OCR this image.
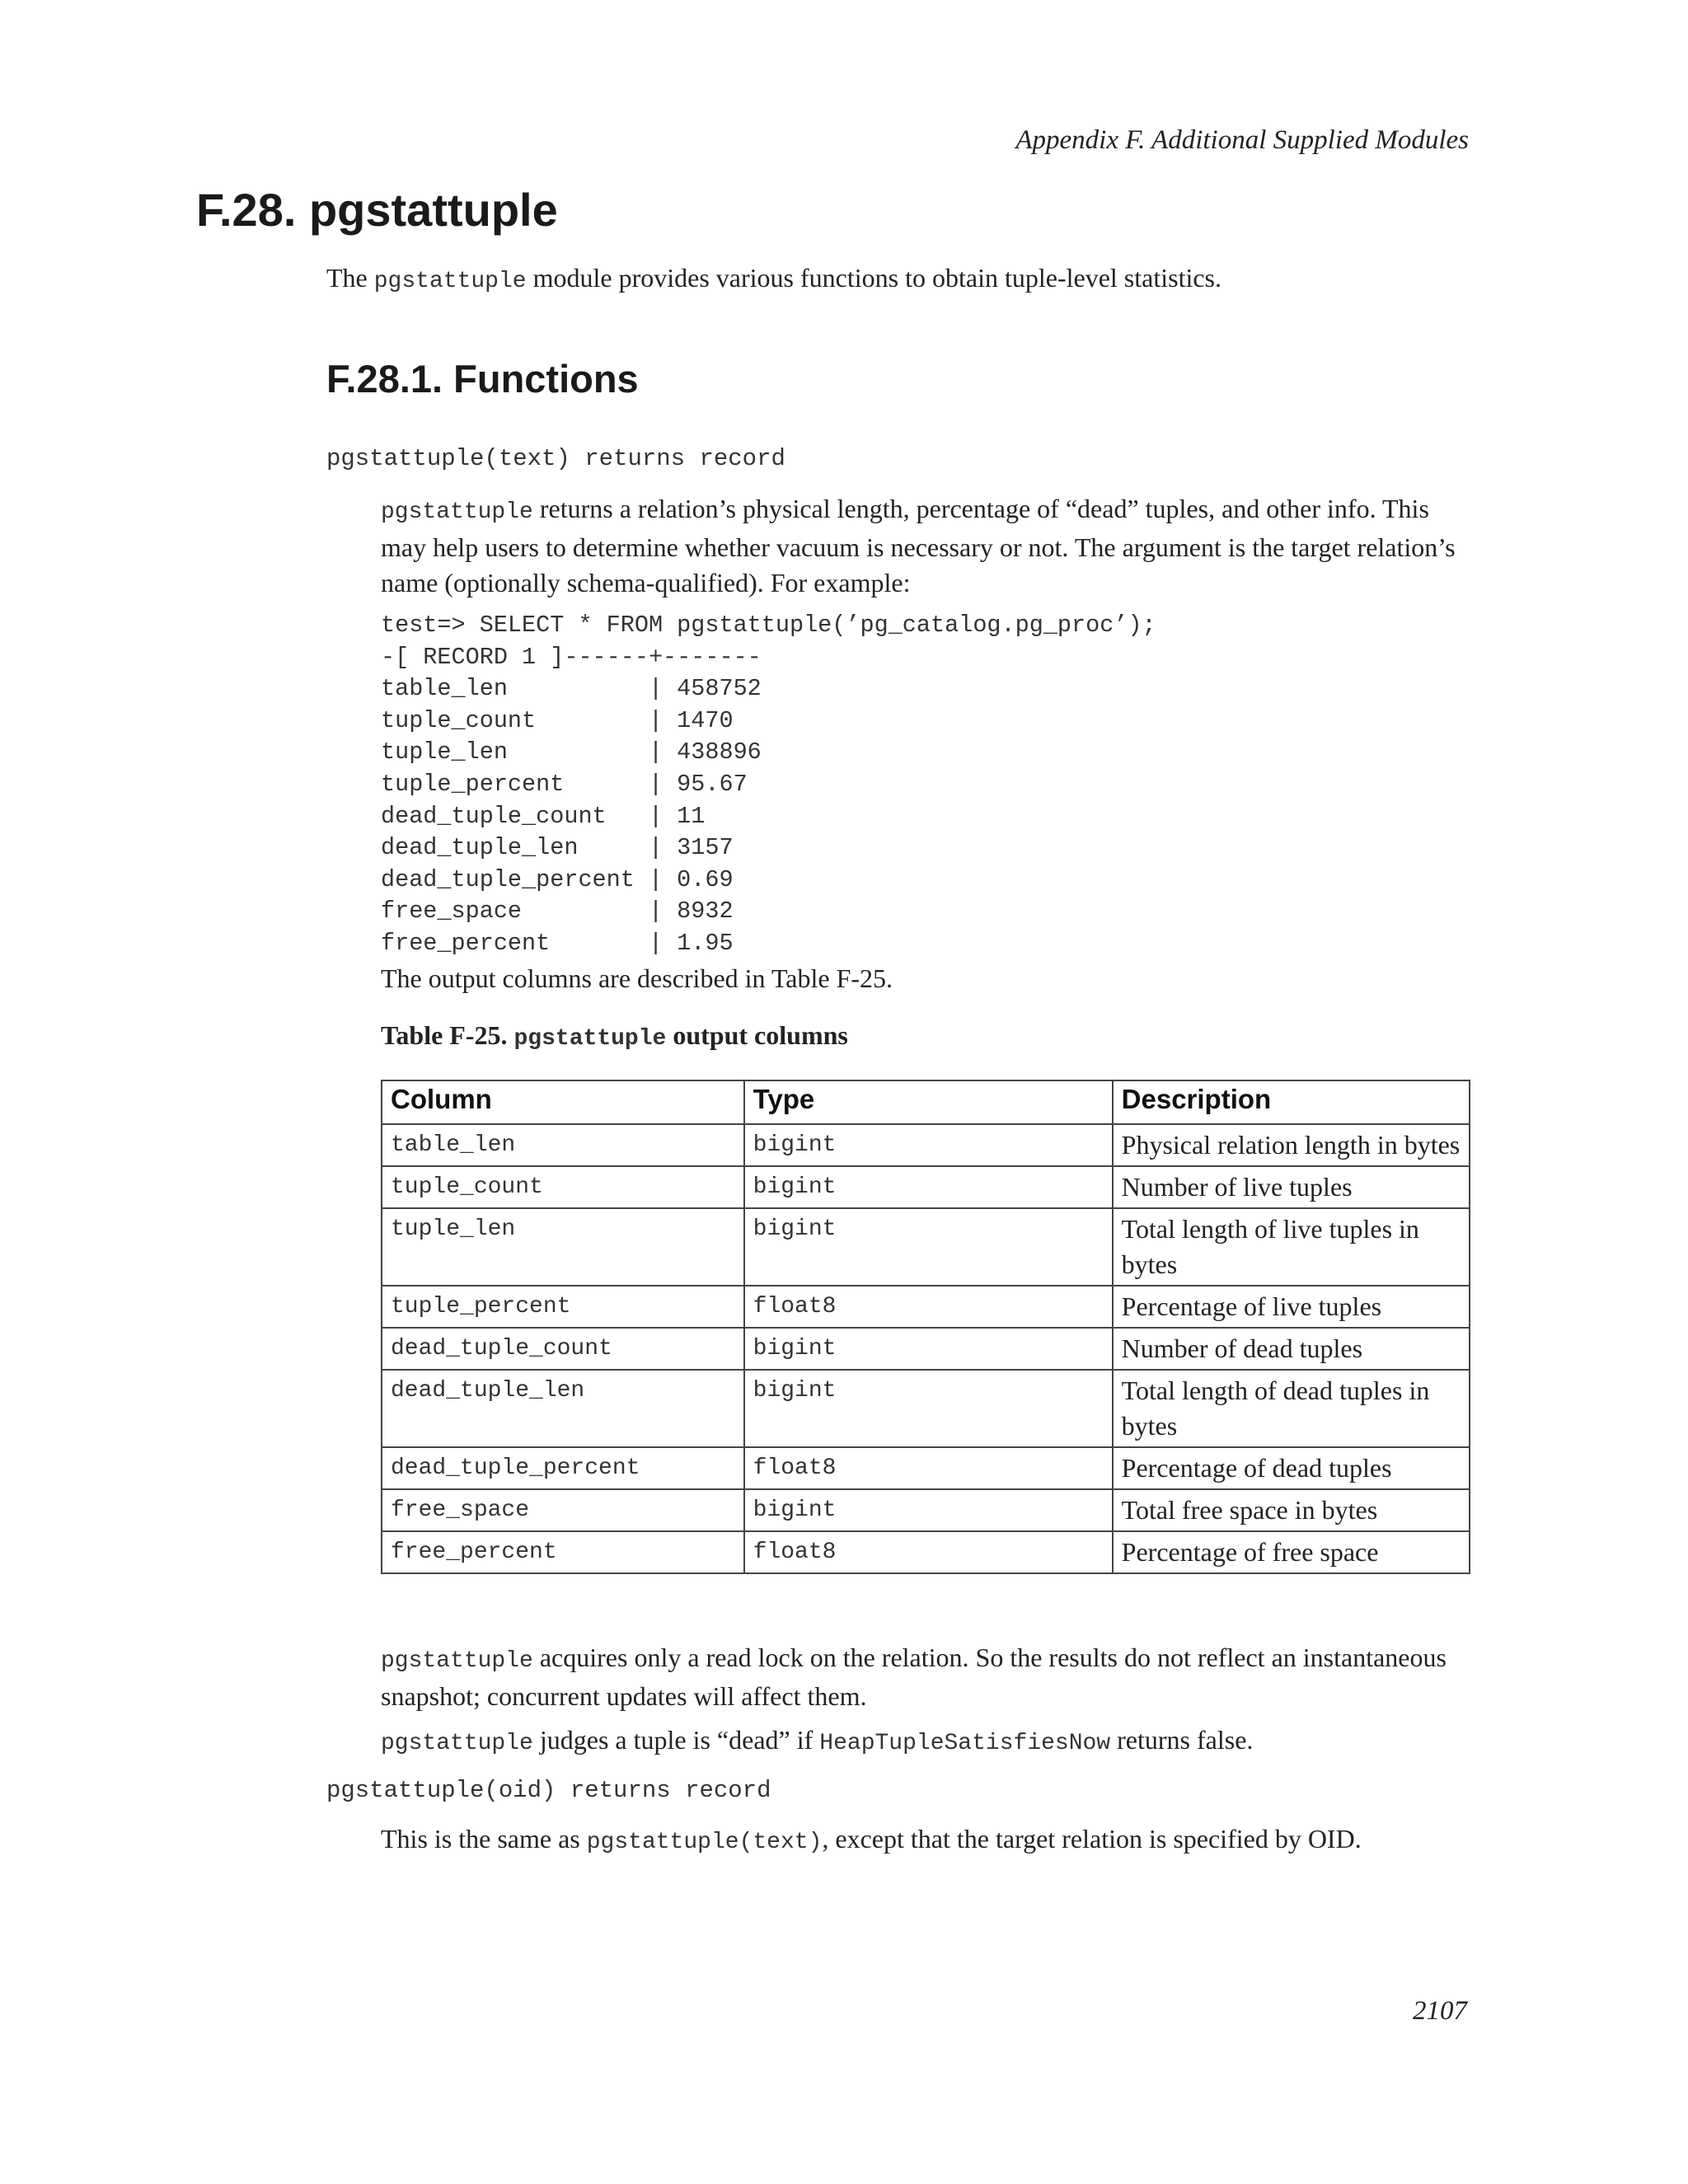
Appendix F. Additional Supplied Modules
F.28. pgstattuple

The pgstattuple module provides various functions to obtain tuple-level statistics.

F.28.1. Functions
pgstattuple(text) returns record

pgstattuple returns a relation’s physical length, percentage of “dead” tuples, and other info. This may help users to determine whether vacuum is necessary or not. The argument is the target relation’s name (optionally schema-qualified). For example:

test=> SELECT * FROM pgstattuple(’pg_catalog.pg_proc’);
-[ RECORD 1 ]------+-------
table_len          | 458752
tuple_count        | 1470
tuple_len          | 438896
tuple_percent      | 95.67
dead_tuple_count   | 11
dead_tuple_len     | 3157
dead_tuple_percent | 0.69
free_space         | 8932
free_percent       | 1.95

The output columns are described in Table F-25.

Table F-25. pgstattuple output columns
Column	Type	Description
table_len	bigint	Physical relation length in bytes
tuple_count	bigint	Number of live tuples
tuple_len	bigint	Total length of live tuples in bytes
tuple_percent	float8	Percentage of live tuples
dead_tuple_count	bigint	Number of dead tuples
dead_tuple_len	bigint	Total length of dead tuples in bytes
dead_tuple_percent	float8	Percentage of dead tuples
free_space	bigint	Total free space in bytes
free_percent	float8	Percentage of free space

pgstattuple acquires only a read lock on the relation. So the results do not reflect an instantaneous snapshot; concurrent updates will affect them.

pgstattuple judges a tuple is “dead” if HeapTupleSatisfiesNow returns false.

pgstattuple(oid) returns record

This is the same as pgstattuple(text), except that the target relation is specified by OID.

2107
